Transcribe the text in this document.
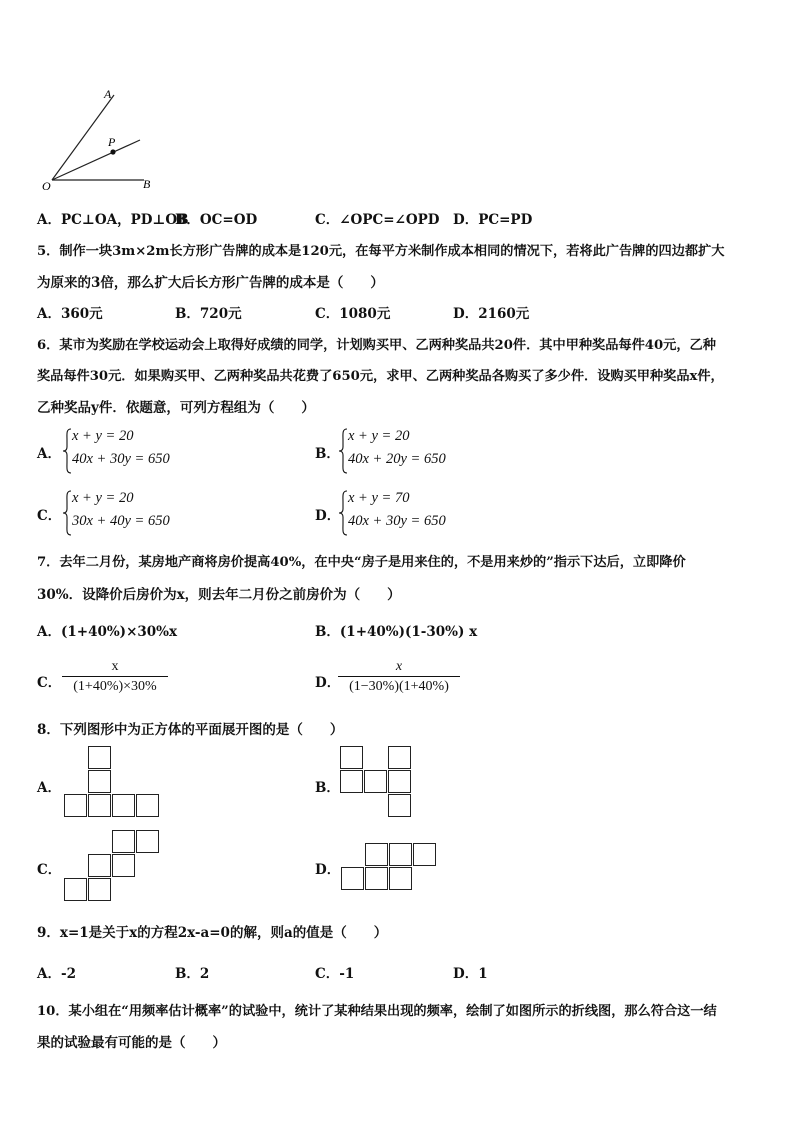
A
P
O	B
A．PC⊥OA，PD⊥OB
B．OC=OD	C．∠OPC=∠OPD D．PC=PD
5．制作一块3m×2m长方形广告牌的成本是120元，在每平方米制作成本相同的情况下，若将此广告牌的四边都扩大
为原来的3倍，那么扩大后长方形广告牌的成本是（　　）
A．360元	B．720元	C．1080元	D．2160元
6．某市为奖励在学校运动会上取得好成绩的同学，计划购买甲、乙两种奖品共20件．其中甲种奖品每件40元，乙种
奖品每件30元．如果购买甲、乙两种奖品共花费了650元，求甲、乙两种奖品各购买了多少件．设购买甲种奖品x件，
乙种奖品y件．依题意，可列方程组为（　　）
A．
x + y = 20
40x + 30y = 650	B．
x + y = 20
40x + 20y = 650
C．
x + y = 20
30x + 40y = 650	D．
x + y = 70
40x + 30y = 650
7．去年二月份，某房地产商将房价提高40%，在中央“房子是用来住的，不是用来炒的”指示下达后，立即降价
30%．设降价后房价为x，则去年二月份之前房价为（　　）
A．(1+40%)×30%x	B．(1+40%)(1-30%) x
C．
x
(1+40%)×30%	D．
x
(1−30%)(1+40%)
8．下列图形中为正方体的平面展开图的是（　　）
A．	B．
C．	D．
9．x=1是关于x的方程2x-a=0的解，则a的值是（　　）
A．-2	B．2	C．-1	D．1
10．某小组在“用频率估计概率”的试验中，统计了某种结果出现的频率，绘制了如图所示的折线图，那么符合这一结
果的试验最有可能的是（　　）
